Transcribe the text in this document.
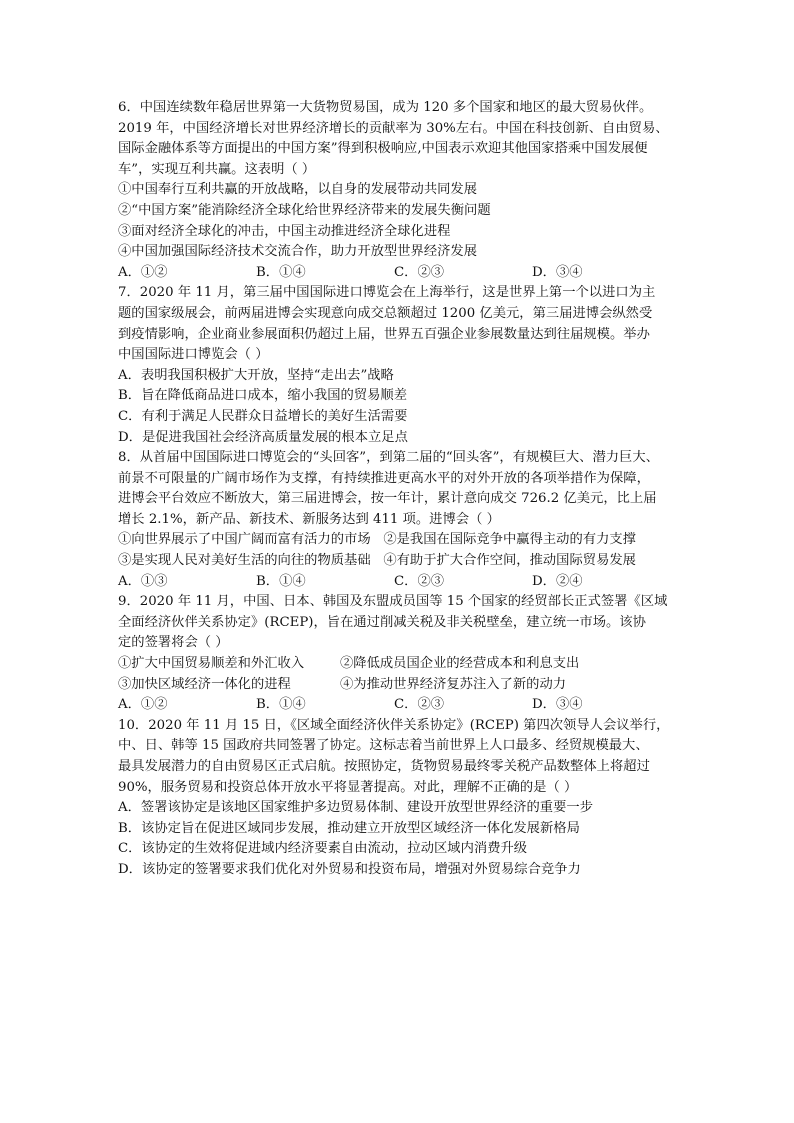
6．中国连续数年稳居世界第一大货物贸易国，成为 120 多个国家和地区的最大贸易伙伴。
2019 年，中国经济增长对世界经济增长的贡献率为 30%左右。中国在科技创新、自由贸易、
国际金融体系等方面提出的中国方案”得到积极响应,中国表示欢迎其他国家搭乘中国发展便
车”，实现互利共赢。这表明（ ）
①中国奉行互利共赢的开放战略，以自身的发展带动共同发展
②“中国方案”能消除经济全球化给世界经济带来的发展失衡问题
③面对经济全球化的冲击，中国主动推进经济全球化进程
④中国加强国际经济技术交流合作，助力开放型世界经济发展
A．①②	B．①④	C．②③	D．③④
7．2020 年 11 月，第三届中国国际进口博览会在上海举行，这是世界上第一个以进口为主
题的国家级展会，前两届进博会实现意向成交总额超过 1200 亿美元，第三届进博会纵然受
到疫情影响，企业商业参展面积仍超过上届，世界五百强企业参展数量达到往届规模。举办
中国国际进口博览会（ ）
A．表明我国积极扩大开放，坚持“走出去”战略
B．旨在降低商品进口成本，缩小我国的贸易顺差
C．有利于满足人民群众日益增长的美好生活需要
D．是促进我国社会经济高质量发展的根本立足点
8．从首届中国国际进口博览会的“头回客”，到第二届的“回头客”，有规模巨大、潜力巨大、
前景不可限量的广阔市场作为支撑，有持续推进更高水平的对外开放的各项举措作为保障，
进博会平台效应不断放大，第三届进博会，按一年计，累计意向成交 726.2 亿美元，比上届
增长 2.1%，新产品、新技术、新服务达到 411 项。进博会（ ）
①向世界展示了中国广阔而富有活力的市场 ②是我国在国际竞争中赢得主动的有力支撑
③是实现人民对美好生活的向往的物质基础 ④有助于扩大合作空间，推动国际贸易发展
A．①③	B．①④	C．②③	D．②④
9．2020 年 11 月，中国、日本、韩国及东盟成员国等 15 个国家的经贸部长正式签署《区域
全面经济伙伴关系协定》(RCEP)，旨在通过削减关税及非关税壁垒，建立统一市场。该协
定的签署将会（ ）
①扩大中国贸易顺差和外汇收入	②降低成员国企业的经营成本和利息支出
③加快区域经济一体化的进程	④为推动世界经济复苏注入了新的动力
A．①②	B．①④	C．②③	D．③④
10．2020 年 11 月 15 日，《区域全面经济伙伴关系协定》(RCEP) 第四次领导人会议举行，
中、日、韩等 15 国政府共同签署了协定。这标志着当前世界上人口最多、经贸规模最大、
最具发展潜力的自由贸易区正式启航。按照协定，货物贸易最终零关税产品数整体上将超过
90%，服务贸易和投资总体开放水平将显著提高。对此，理解不正确的是（ ）
A．签署该协定是该地区国家维护多边贸易体制、建设开放型世界经济的重要一步
B．该协定旨在促进区域同步发展，推动建立开放型区域经济一体化发展新格局
C．该协定的生效将促进域内经济要素自由流动，拉动区域内消费升级
D．该协定的签署要求我们优化对外贸易和投资布局，增强对外贸易综合竞争力
